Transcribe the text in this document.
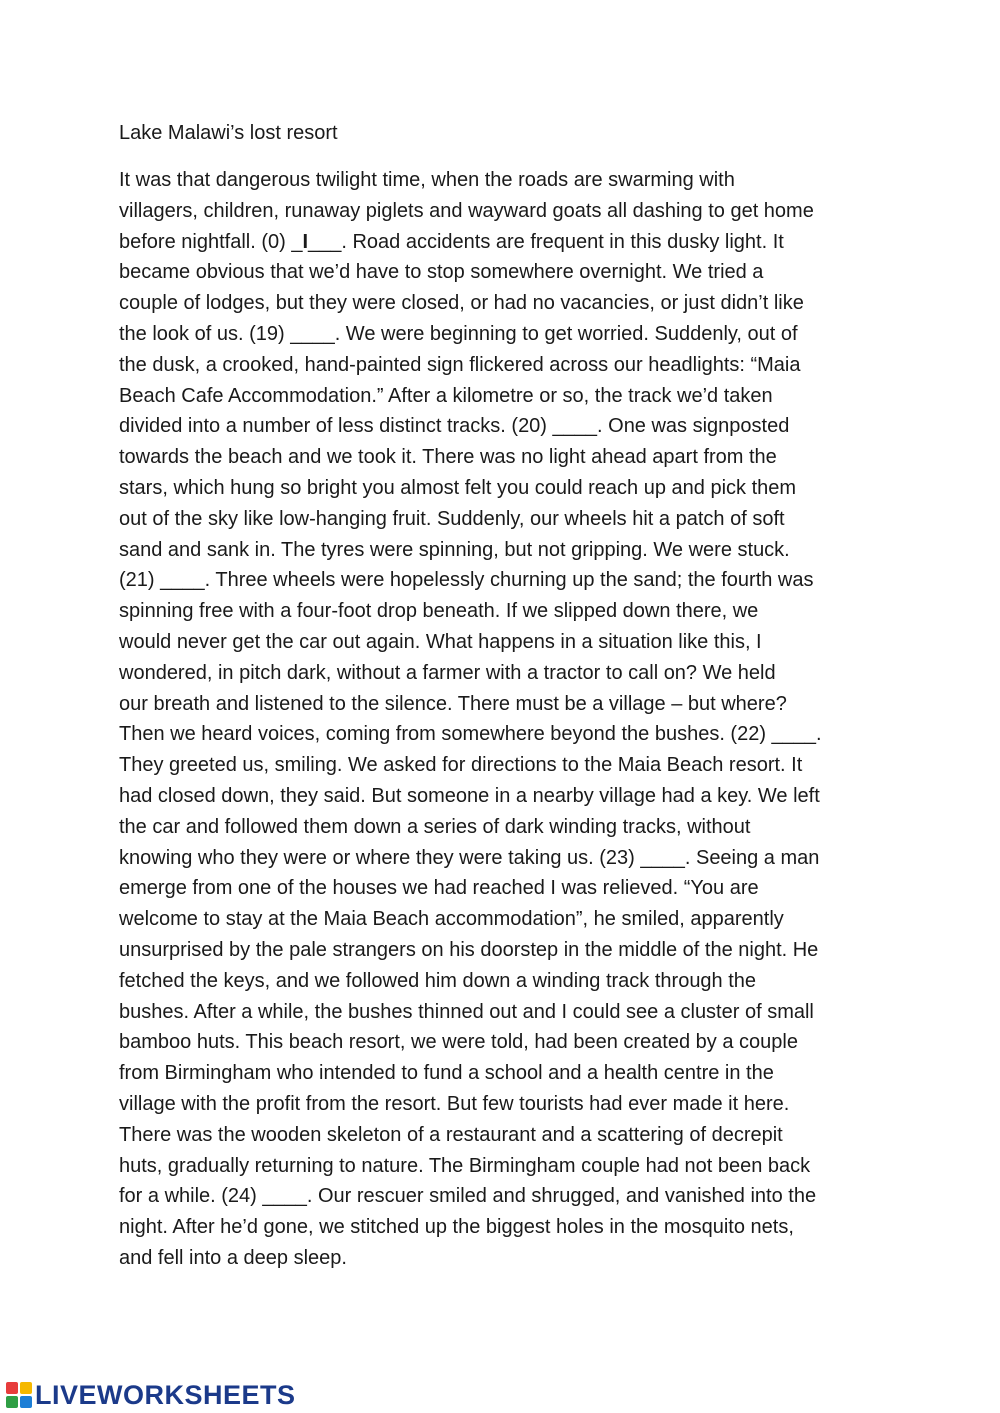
Lake Malawi’s lost resort
It was that dangerous twilight time, when the roads are swarming with
villagers, children, runaway piglets and wayward goats all dashing to get home
before nightfall. (0) _I___. Road accidents are frequent in this dusky light. It
became obvious that we’d have to stop somewhere overnight. We tried a
couple of lodges, but they were closed, or had no vacancies, or just didn’t like
the look of us. (19) ____. We were beginning to get worried. Suddenly, out of
the dusk, a crooked, hand-painted sign flickered across our headlights: “Maia
Beach Cafe Accommodation.” After a kilometre or so, the track we’d taken
divided into a number of less distinct tracks. (20) ____. One was signposted
towards the beach and we took it. There was no light ahead apart from the
stars, which hung so bright you almost felt you could reach up and pick them
out of the sky like low-hanging fruit. Suddenly, our wheels hit a patch of soft
sand and sank in. The tyres were spinning, but not gripping. We were stuck.
(21) ____. Three wheels were hopelessly churning up the sand; the fourth was
spinning free with a four-foot drop beneath. If we slipped down there, we
would never get the car out again. What happens in a situation like this, I
wondered, in pitch dark, without a farmer with a tractor to call on? We held
our breath and listened to the silence. There must be a village – but where?
Then we heard voices, coming from somewhere beyond the bushes. (22) ____.
They greeted us, smiling. We asked for directions to the Maia Beach resort. It
had closed down, they said. But someone in a nearby village had a key. We left
the car and followed them down a series of dark winding tracks, without
knowing who they were or where they were taking us. (23) ____. Seeing a man
emerge from one of the houses we had reached I was relieved. “You are
welcome to stay at the Maia Beach accommodation”, he smiled, apparently
unsurprised by the pale strangers on his doorstep in the middle of the night. He
fetched the keys, and we followed him down a winding track through the
bushes. After a while, the bushes thinned out and I could see a cluster of small
bamboo huts. This beach resort, we were told, had been created by a couple
from Birmingham who intended to fund a school and a health centre in the
village with the profit from the resort. But few tourists had ever made it here.
There was the wooden skeleton of a restaurant and a scattering of decrepit
huts, gradually returning to nature. The Birmingham couple had not been back
for a while. (24) ____. Our rescuer smiled and shrugged, and vanished into the
night. After he’d gone, we stitched up the biggest holes in the mosquito nets,
and fell into a deep sleep.
LIVEWORKSHEETS
